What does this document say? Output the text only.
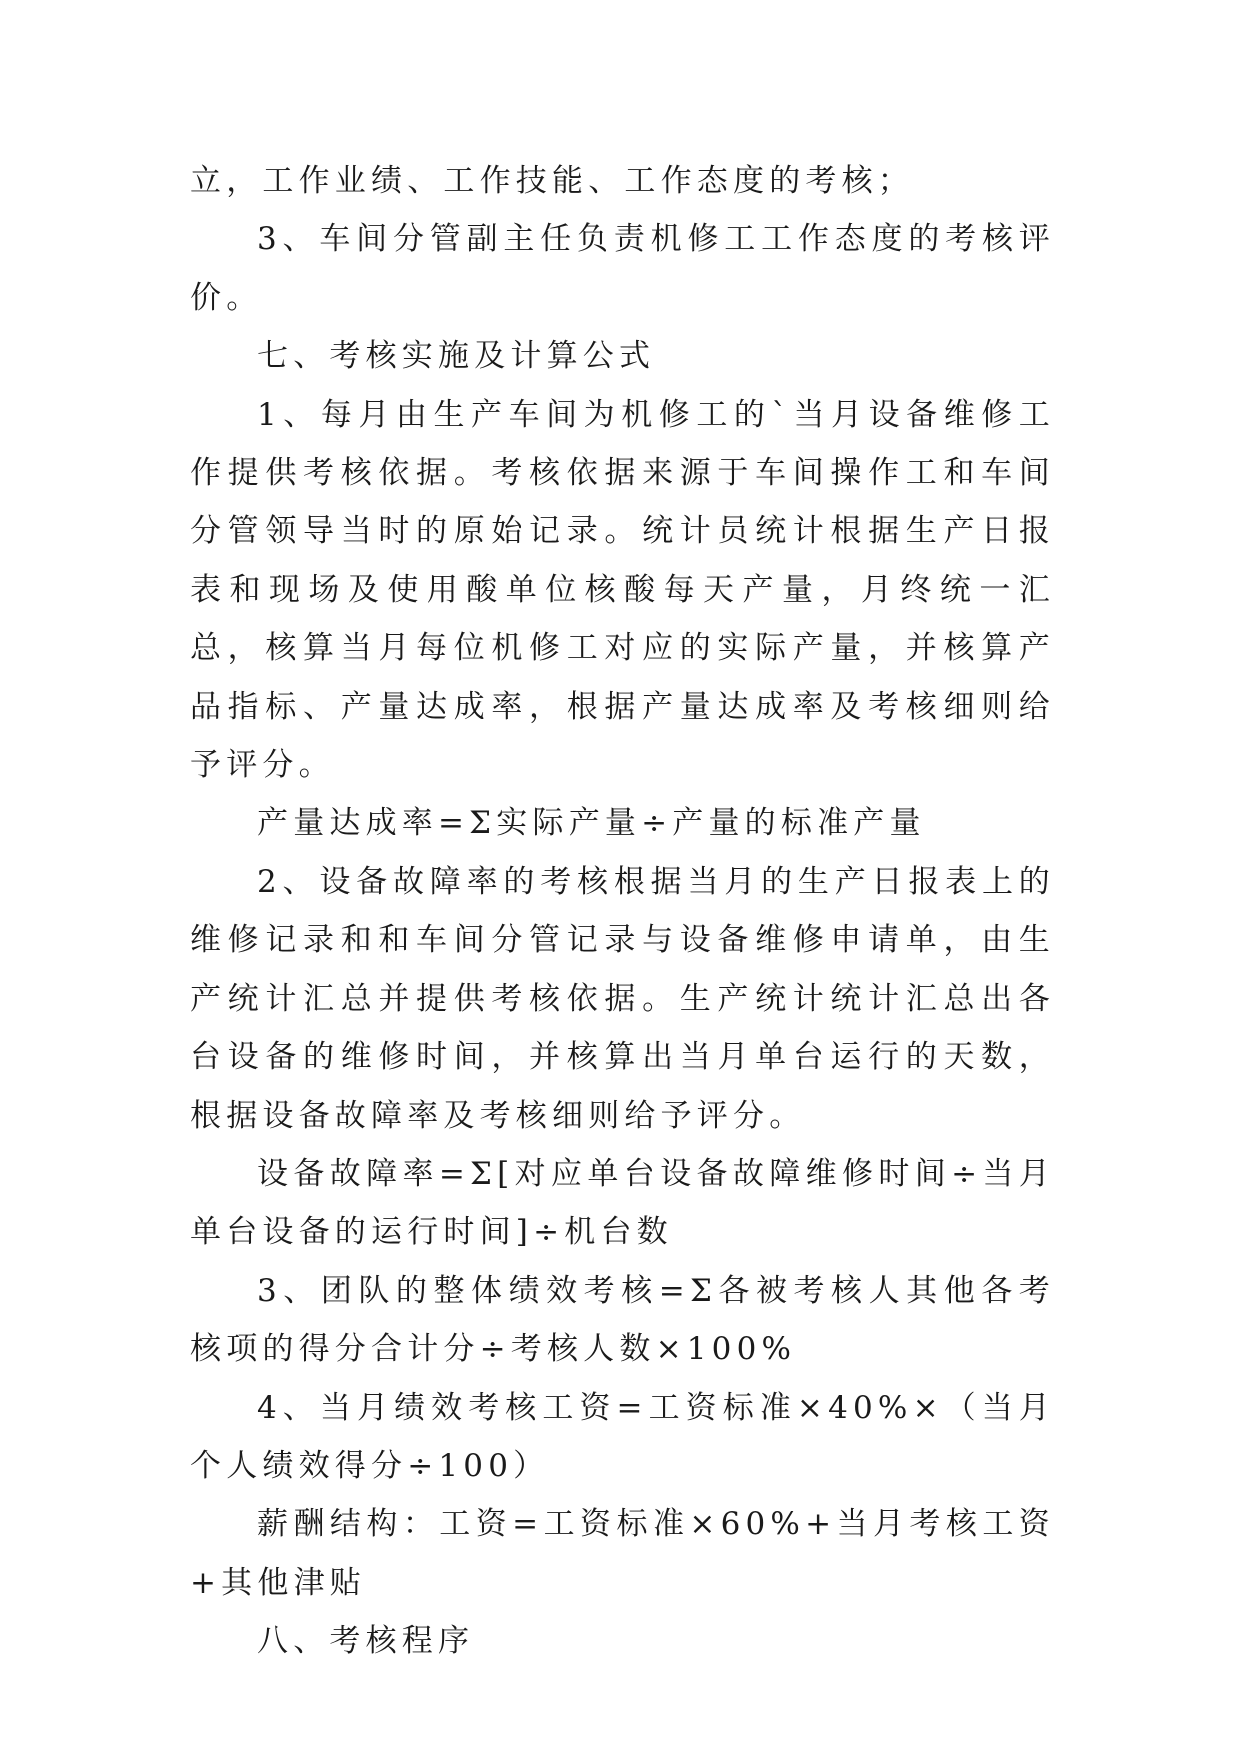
立，工作业绩、工作技能、工作态度的考核；

3、车间分管副主任负责机修工工作态度的考核评价。

七、考核实施及计算公式

1、每月由生产车间为机修工的`当月设备维修工作提供考核依据。考核依据来源于车间操作工和车间分管领导当时的原始记录。统计员统计根据生产日报表和现场及使用酸单位核酸每天产量，月终统一汇总，核算当月每位机修工对应的实际产量，并核算产品指标、产量达成率，根据产量达成率及考核细则给予评分。

产量达成率=Σ实际产量÷产量的标准产量

2、设备故障率的考核根据当月的生产日报表上的维修记录和和车间分管记录与设备维修申请单，由生产统计汇总并提供考核依据。生产统计统计汇总出各台设备的维修时间，并核算出当月单台运行的天数，根据设备故障率及考核细则给予评分。

设备故障率=Σ[对应单台设备故障维修时间÷当月单台设备的运行时间]÷机台数

3、团队的整体绩效考核=Σ各被考核人其他各考核项的得分合计分÷考核人数×100%

4、当月绩效考核工资=工资标准×40%×（当月个人绩效得分÷100）

薪酬结构：工资=工资标准×60%+当月考核工资+其他津贴

八、考核程序
